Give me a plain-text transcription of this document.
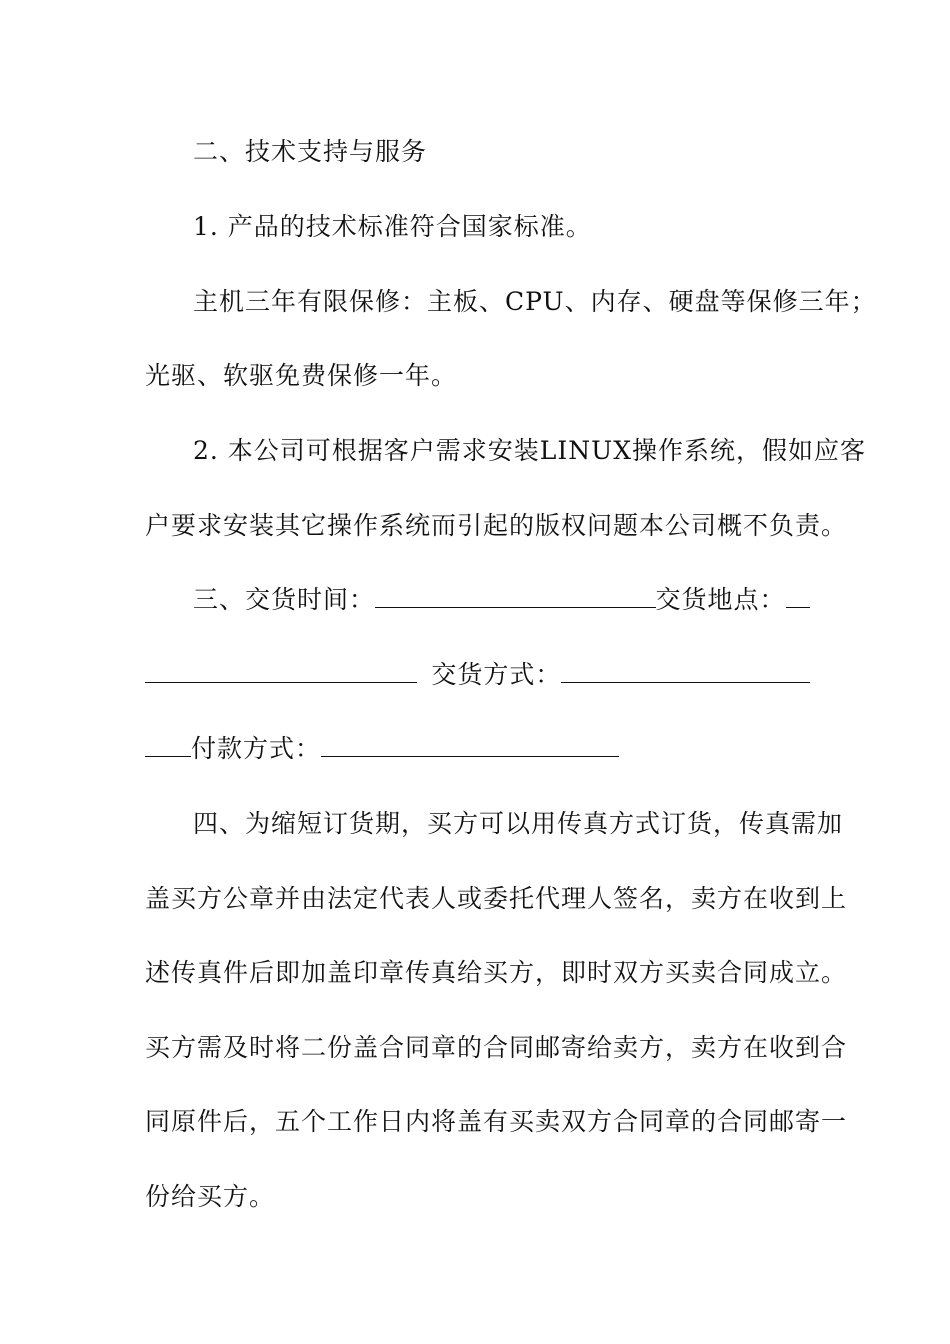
二、技术支持与服务
1. 产品的技术标准符合国家标准。
主机三年有限保修：主板、CPU、内存、硬盘等保修三年；
光驱、软驱免费保修一年。
2. 本公司可根据客户需求安装LINUX操作系统，假如应客
户要求安装其它操作系统而引起的版权问题本公司概不负责。
三、交货时间：	交货地点：
交货方式：
付款方式：
四、为缩短订货期，买方可以用传真方式订货，传真需加
盖买方公章并由法定代表人或委托代理人签名，卖方在收到上
述传真件后即加盖印章传真给买方，即时双方买卖合同成立。
买方需及时将二份盖合同章的合同邮寄给卖方，卖方在收到合
同原件后，五个工作日内将盖有买卖双方合同章的合同邮寄一
份给买方。
